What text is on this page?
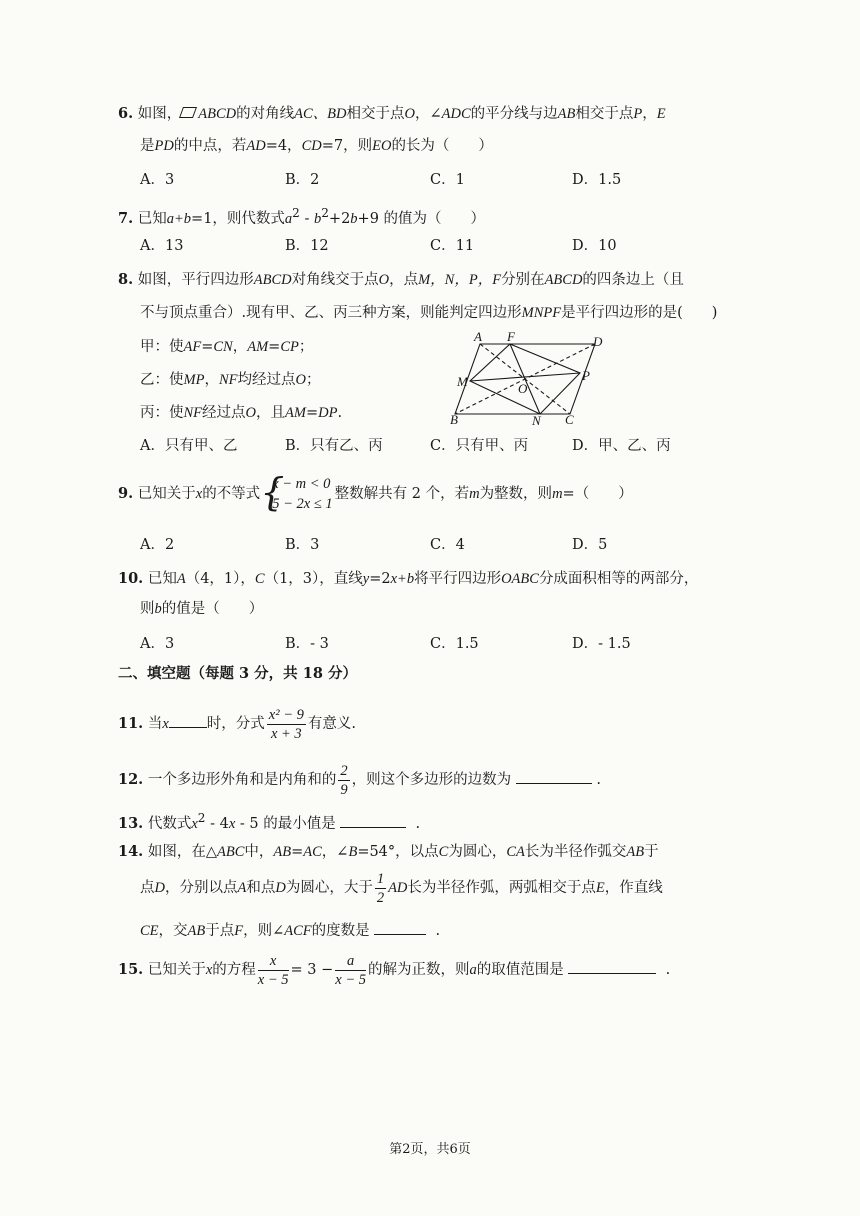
6. 如图， ABCD的对角线AC、BD相交于点O，∠ADC的平分线与边AB相交于点P，E
是PD的中点，若AD=4，CD=7，则EO的长为（　　）
A．3	B．2	C．1	D．1.5
7. 已知a+b=1，则代数式$a^2 - b^2+2b+9$ 的值为（　　）
A．13	B．12	C．11	D．10
8. 如图，平行四边形ABCD对角线交于点O，点M，N，P，F分别在ABCD的四条边上（且
不与顶点重合）.现有甲、乙、丙三种方案，则能判定四边形MNPF是平行四边形的是(　　)
甲：使AF=CN，AM=CP；
乙：使MP，NF均经过点O；
丙：使NF经过点O，且AM=DP.
A F	D
M	P
O
B	N C
A．只有甲、乙	B．只有乙、丙	C．只有甲、丙	D．甲、乙、丙
9. 已知关于x的不等式 {
x − m < 0
5 − 2x ≤ 1
整数解共有 2 个，若m为整数，则m=（　　）
A．2	B．3	C．4	D．5
10. 已知A（4，1），C（1，3），直线y=2x+b将平行四边形OABC分成面积相等的两部分，
则b的值是（　　）
A．3	B．- 3	C．1.5	D．- 1.5
二、填空题（每题 3 分，共 18 分）
11. 当x	时，分式 $\frac{\text{x² − 9}}{x + 3}$ 有意义.
12. 一个多边形外角和是内角和的 $\frac{2}{9}$ ，则这个多边形的边数为	.
13. 代数式$x^2 - 4x - 5$ 的最小值是	.
14. 如图，在△ABC中，AB=AC，∠B=54°，以点C为圆心，CA长为半径作弧交AB于
点D，分别以点A和点D为圆心，大于 $\frac{1}{2}$ AD长为半径作弧，两弧相交于点E，作直线
CE，交AB于点F，则∠ACF的度数是	.
15. 已知关于x的方程 $\frac{x}{x - 5} = 3 - \frac{a}{x - 5}$ 的解为正数，则a的取值范围是	.
第2页，共6页
